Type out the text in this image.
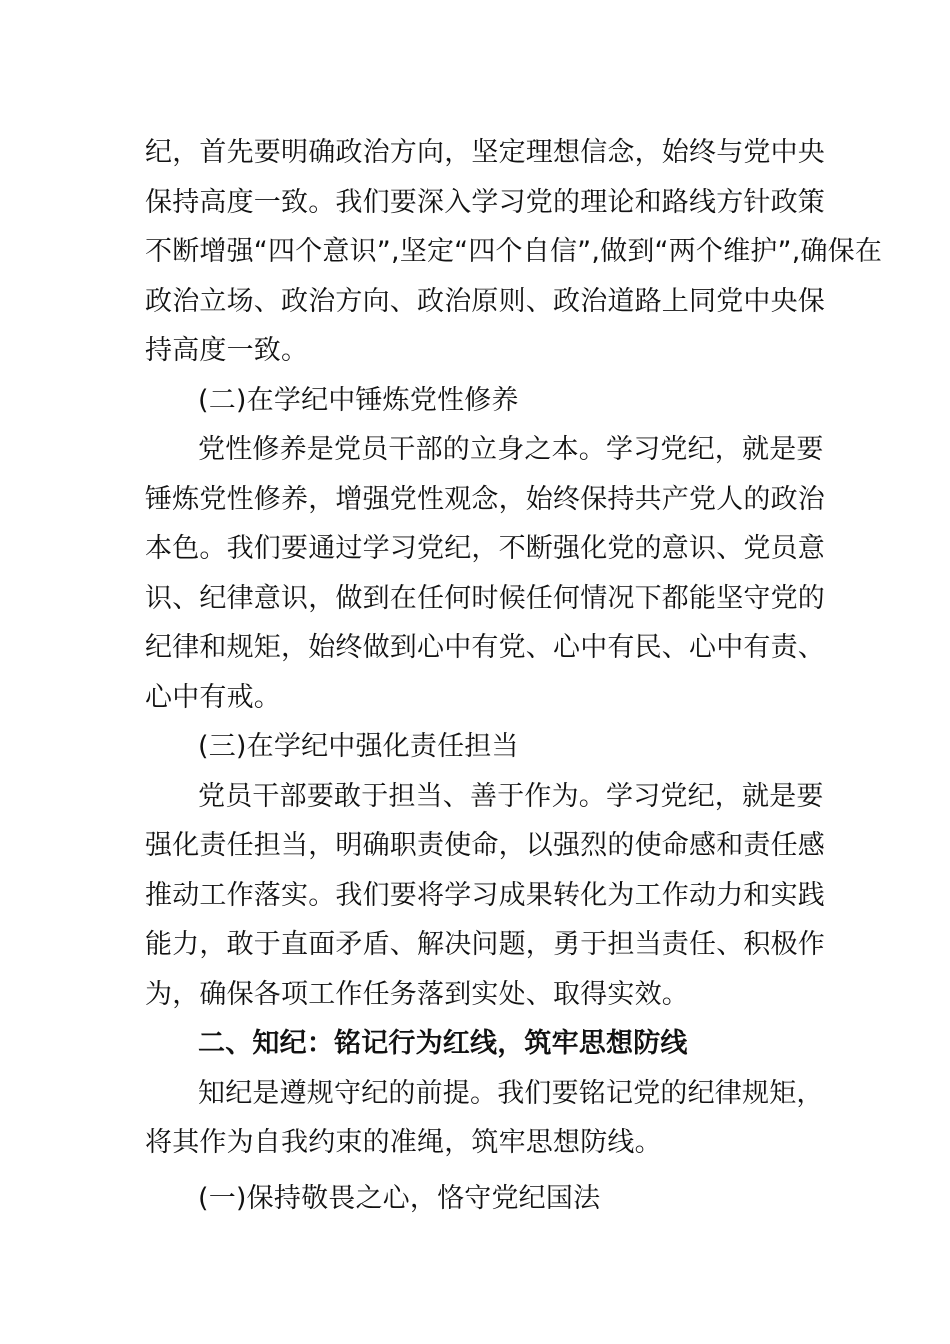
纪，首先要明确政治方向，坚定理想信念，始终与党中央
保持高度一致。我们要深入学习党的理论和路线方针政策
不断增强“四个意识”,坚定“四个自信”,做到“两个维护”,确保在
政治立场、政治方向、政治原则、政治道路上同党中央保
持高度一致。
(二)在学纪中锤炼党性修养
党性修养是党员干部的立身之本。学习党纪，就是要
锤炼党性修养，增强党性观念，始终保持共产党人的政治
本色。我们要通过学习党纪，不断强化党的意识、党员意
识、纪律意识，做到在任何时候任何情况下都能坚守党的
纪律和规矩，始终做到心中有党、心中有民、心中有责、
心中有戒。
(三)在学纪中强化责任担当
党员干部要敢于担当、善于作为。学习党纪，就是要
强化责任担当，明确职责使命，以强烈的使命感和责任感
推动工作落实。我们要将学习成果转化为工作动力和实践
能力，敢于直面矛盾、解决问题，勇于担当责任、积极作
为，确保各项工作任务落到实处、取得实效。
二、知纪：铭记行为红线，筑牢思想防线
知纪是遵规守纪的前提。我们要铭记党的纪律规矩，
将其作为自我约束的准绳，筑牢思想防线。
(一)保持敬畏之心，恪守党纪国法
